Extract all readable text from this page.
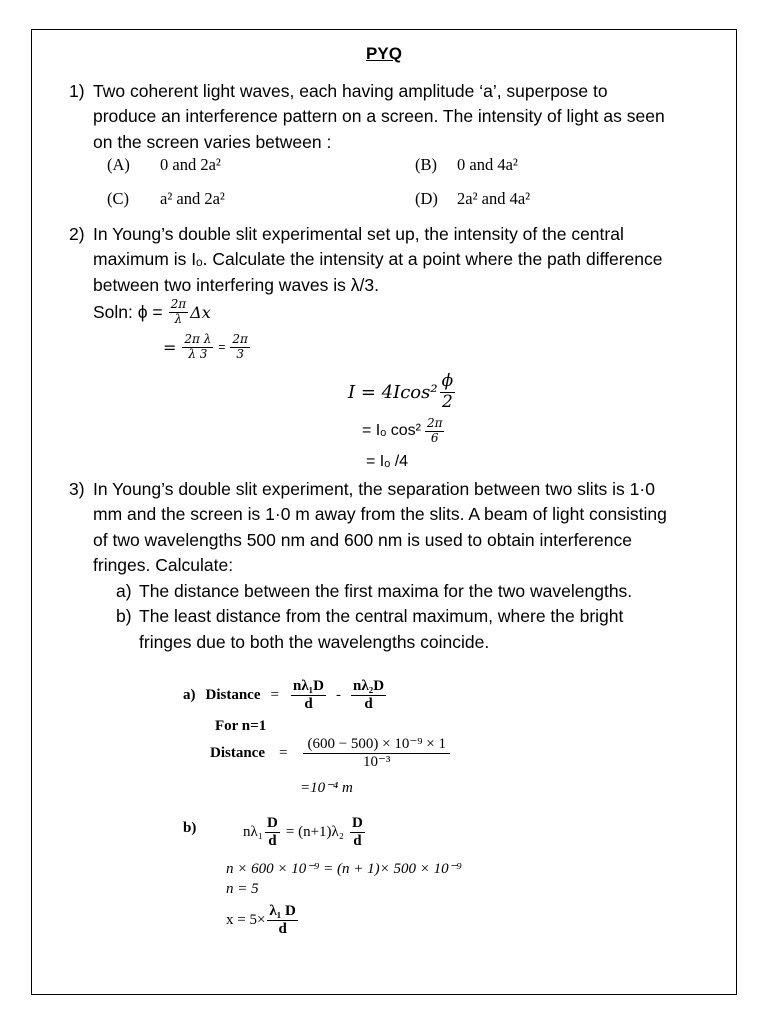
PYQ
1) Two coherent light waves, each having amplitude ‘a’, superpose to
produce an interference pattern on a screen. The intensity of light as seen
on the screen varies between :
(A) 0 and 2a²	(B) 0 and 4a²
(C) a² and 2a²	(D) 2a² and 4a²
2) In Young’s double slit experimental set up, the intensity of the central
maximum is Iₒ. Calculate the intensity at a point where the path difference
between two interfering waves is λ/3.
Soln: $\phi = \frac{2\pi}{\lambda}$ Δx
= $\frac{\text{2π λ}}{\lambda 3} = \frac{2\pi}{3}$
$I = 4Icos^2 \frac{\phi}{2}$
= Iₒ $\cos^2 \frac{2\pi}{6}$
= Iₒ /4
3) In Young’s double slit experiment, the separation between two slits is 1·0
mm and the screen is 1·0 m away from the slits. A beam of light consisting
of two wavelengths 500 nm and 600 nm is used to obtain interference
fringes. Calculate:
a) The distance between the first maxima for the two wavelengths.
b) The least distance from the central maximum, where the bright
fringes due to both the wavelengths coincide.
a) Distance = $\frac{\text{nλ₁D}}{d} - \frac{\text{nλ₂D}}{d}$
For n=1
Distance = $\frac{\text{(600 − 500) × 10⁻⁹ × 1}}{\text{10⁻³}}$
=10⁻⁴ m
b)	$n\lambda_1 \frac{D}{d} = (n+1)\lambda_2 \frac{D}{d}$
n × 600 × 10⁻⁹ = (n + 1)× 500 × 10⁻⁹
n = 5
$x = 5\times \frac{\text{λ₁ D}}{d}$
